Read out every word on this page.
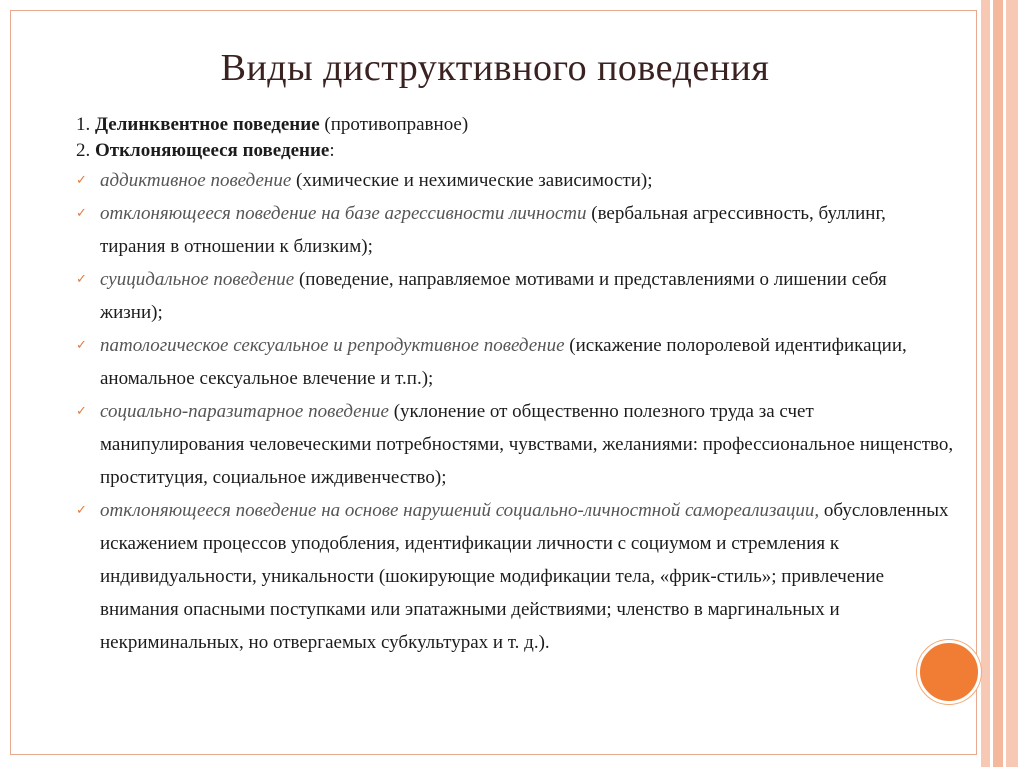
Виды диструктивного поведения
1. Делинквентное поведение (противоправное)
2. Отклоняющееся поведение:
✓ аддиктивное поведение (химические и нехимические зависимости);
✓ отклоняющееся поведение на базе агрессивности личности (вербальная агрессивность, буллинг, тирания в отношении к близким);
✓ суицидальное поведение (поведение, направляемое мотивами и представлениями о лишении себя жизни);
✓ патологическое сексуальное и репродуктивное поведение (искажение полоролевой идентификации, аномальное сексуальное влечение и т.п.);
✓ социально-паразитарное поведение (уклонение от общественно полезного труда за счет манипулирования человеческими потребностями, чувствами, желаниями: профессиональное нищенство, проституция, социальное иждивенчество);
✓ отклоняющееся поведение на основе нарушений социально-личностной самореализации, обусловленных искажением процессов уподобления, идентификации личности с социумом и стремления к индивидуальности, уникальности (шокирующие модификации тела, «фрик-стиль»; привлечение внимания опасными поступками или эпатажными действиями; членство в маргинальных и некриминальных, но отвергаемых субкультурах и т. д.).
